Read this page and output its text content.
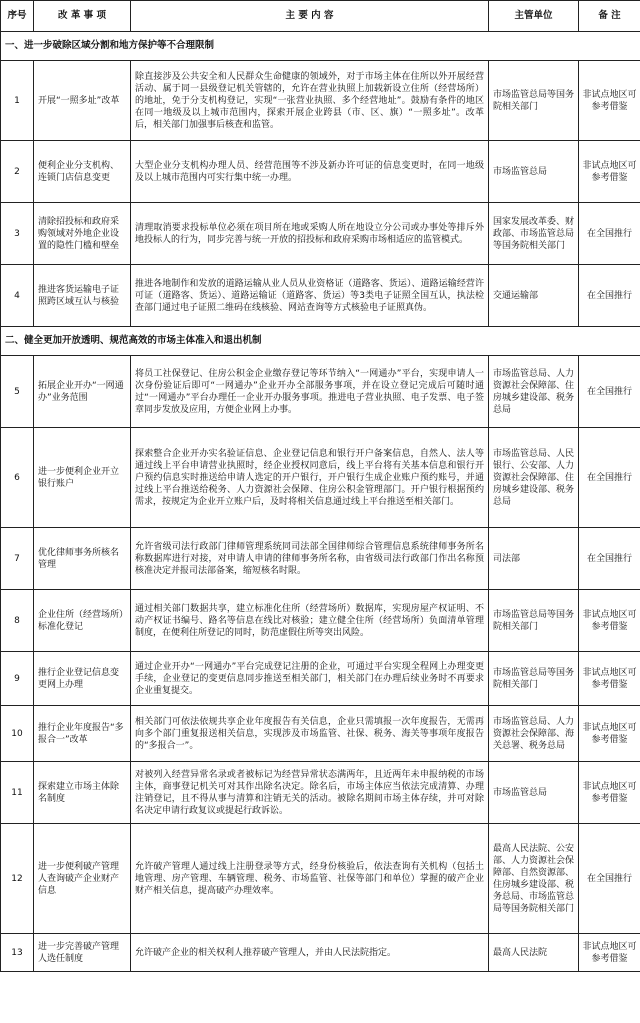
序号	改 革 事 项	主 要 内 容	主管单位	备 注
一、进一步破除区域分割和地方保护等不合理限制				
1	开展“一照多址”改革	除直接涉及公共安全和人民群众生命健康的领域外，对于市场主体在住所以外开展经营活动、属于同一县级登记机关管辖的，允许在营业执照上加载新设立住所（经营场所）的地址，免于分支机构登记，实现“一张营业执照、多个经营地址”。鼓励有条件的地区在同一地级及以上城市范围内，探索开展企业跨县（市、区、旗）“一照多址”。改革后，相关部门加强事后核查和监管。	市场监管总局等国务院相关部门	非试点地区可参考借鉴
2	便利企业分支机构、连锁门店信息变更	大型企业分支机构办理人员、经营范围等不涉及新办许可证的信息变更时，在同一地级及以上城市范围内可实行集中统一办理。	市场监管总局	非试点地区可参考借鉴
3	清除招投标和政府采购领域对外地企业设置的隐性门槛和壁垒	清理取消要求投标单位必须在项目所在地或采购人所在地设立分公司或办事处等排斥外地投标人的行为，同步完善与统一开放的招投标和政府采购市场相适应的监管模式。	国家发展改革委、财政部、市场监管总局等国务院相关部门	在全国推行
4	推进客货运输电子证照跨区域互认与核验	推进各地制作和发放的道路运输从业人员从业资格证（道路客、货运）、道路运输经营许可证（道路客、货运）、道路运输证（道路客、货运）等3类电子证照全国互认，执法检查部门通过电子证照二维码在线核验、网站查询等方式核验电子证照真伪。	交通运输部	在全国推行
二、健全更加开放透明、规范高效的市场主体准入和退出机制				
5	拓展企业开办“一网通办”业务范围	将员工社保登记、住房公积金企业缴存登记等环节纳入“一网通办”平台，实现申请人一次身份验证后即可“一网通办”企业开办全部服务事项，并在设立登记完成后可随时通过“一网通办”平台办理任一企业开办服务事项。推进电子营业执照、电子发票、电子签章同步发放及应用，方便企业网上办事。	市场监管总局、人力资源社会保障部、住房城乡建设部、税务总局	在全国推行
6	进一步便利企业开立银行账户	探索整合企业开办实名验证信息、企业登记信息和银行开户备案信息，自然人、法人等通过线上平台申请营业执照时，经企业授权同意后，线上平台将有关基本信息和银行开户预约信息实时推送给申请人选定的开户银行，开户银行生成企业账户预约账号，并通过线上平台推送给税务、人力资源社会保障、住房公积金管理部门。开户银行根据预约需求，按规定为企业开立账户后，及时将相关信息通过线上平台推送至相关部门。	市场监管总局、人民银行、公安部、人力资源社会保障部、住房城乡建设部、税务总局	在全国推行
7	优化律师事务所核名管理	允许省级司法行政部门律师管理系统同司法部全国律师综合管理信息系统律师事务所名称数据库进行对接，对申请人申请的律师事务所名称，由省级司法行政部门作出名称预核准决定并报司法部备案，缩短核名时限。	司法部	在全国推行
8	企业住所（经营场所）标准化登记	通过相关部门数据共享，建立标准化住所（经营场所）数据库，实现房屋产权证明、不动产权证书编号、路名等信息在线比对核验；建立健全住所（经营场所）负面清单管理制度，在便利住所登记的同时，防范虚假住所等突出风险。	市场监管总局等国务院相关部门	非试点地区可参考借鉴
9	推行企业登记信息变更网上办理	通过企业开办“一网通办”平台完成登记注册的企业，可通过平台实现全程网上办理变更手续，企业登记的变更信息同步推送至相关部门，相关部门在办理后续业务时不再要求企业重复提交。	市场监管总局等国务院相关部门	非试点地区可参考借鉴
10	推行企业年度报告“多报合一”改革	相关部门可依法依规共享企业年度报告有关信息，企业只需填报一次年度报告，无需再向多个部门重复报送相关信息，实现涉及市场监管、社保、税务、海关等事项年度报告的“多报合一”。	市场监管总局、人力资源社会保障部、海关总署、税务总局	非试点地区可参考借鉴
11	探索建立市场主体除名制度	对被列入经营异常名录或者被标记为经营异常状态满两年，且近两年未申报纳税的市场主体，商事登记机关可对其作出除名决定。除名后，市场主体应当依法完成清算、办理注销登记，且不得从事与清算和注销无关的活动。被除名期间市场主体存续，并可对除名决定申请行政复议或提起行政诉讼。	市场监管总局	非试点地区可参考借鉴
12	进一步便利破产管理人查询破产企业财产信息	允许破产管理人通过线上注册登录等方式，经身份核验后，依法查询有关机构（包括土地管理、房产管理、车辆管理、税务、市场监管、社保等部门和单位）掌握的破产企业财产相关信息，提高破产办理效率。	最高人民法院、公安部、人力资源社会保障部、自然资源部、住房城乡建设部、税务总局、市场监管总局等国务院相关部门	在全国推行
13	进一步完善破产管理人选任制度	允许破产企业的相关权利人推荐破产管理人，并由人民法院指定。	最高人民法院	非试点地区可参考借鉴
